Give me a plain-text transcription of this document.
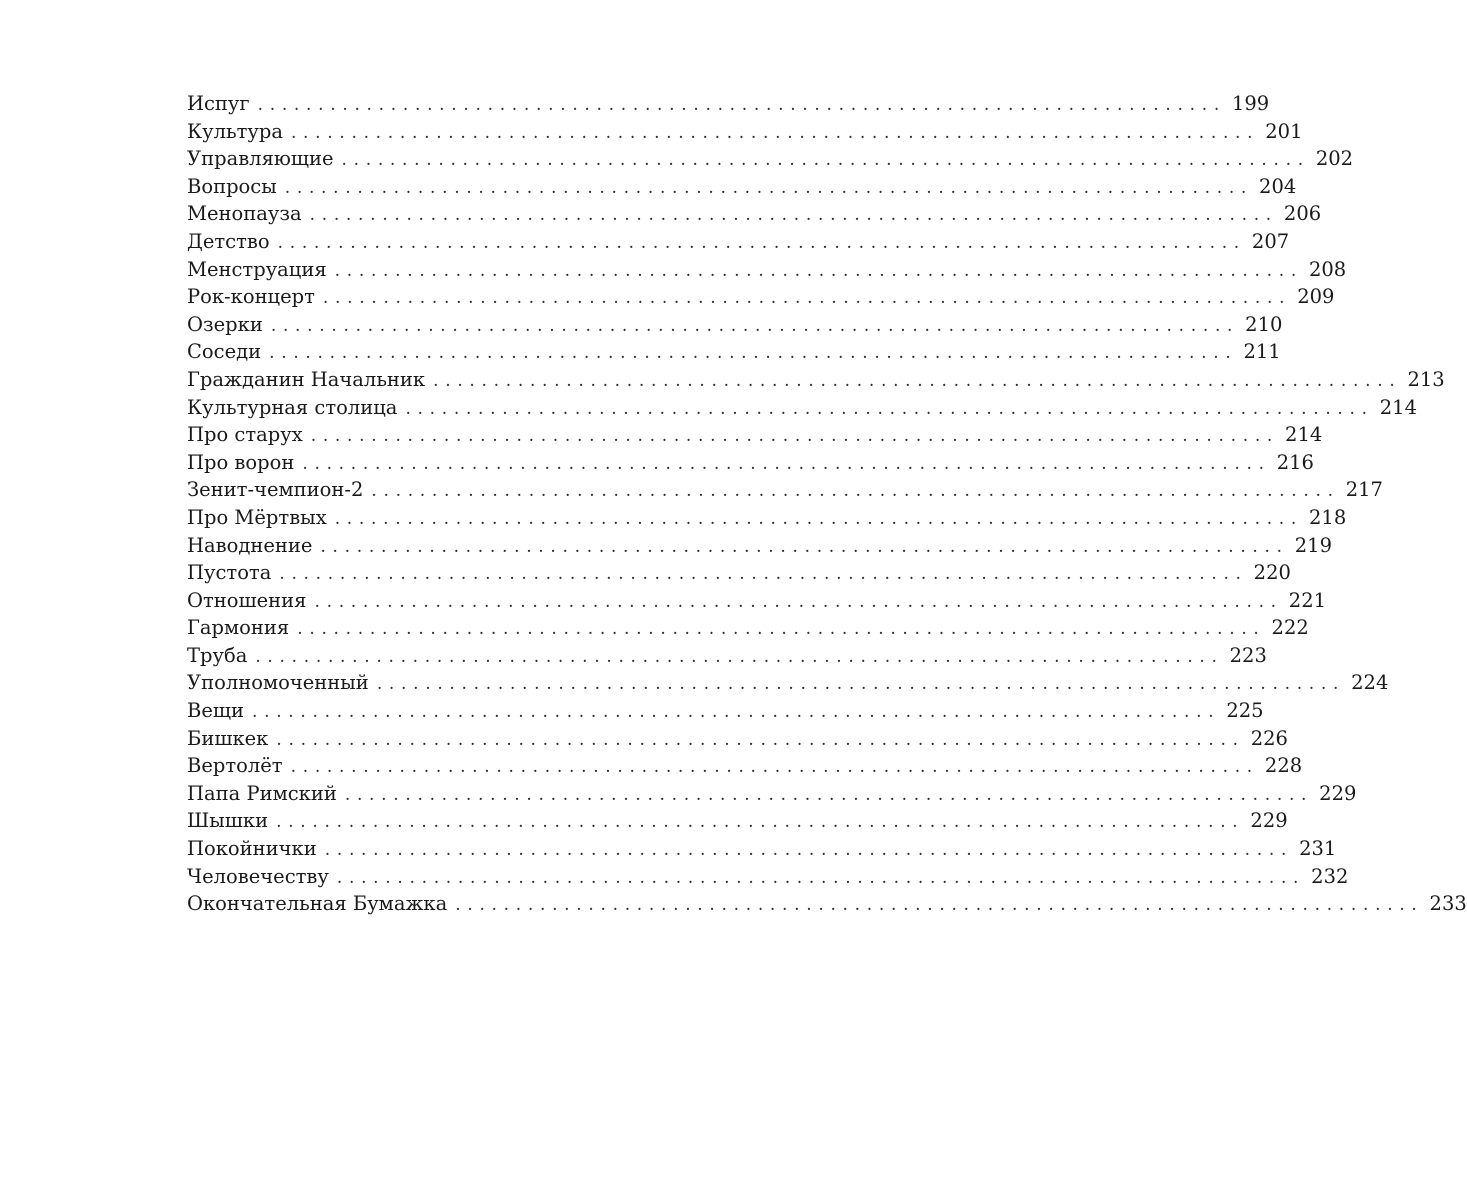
Испуг ................................................................................ 199
Культура ................................................................................ 201
Управляющие ................................................................................ 202
Вопросы ................................................................................ 204
Менопауза ................................................................................ 206
Детство ................................................................................ 207
Менструация ................................................................................ 208
Рок-концерт ................................................................................ 209
Озерки ................................................................................ 210
Соседи ................................................................................ 211
Гражданин Начальник ................................................................................ 213
Культурная столица ................................................................................ 214
Про старух ................................................................................ 214
Про ворон ................................................................................ 216
Зенит-чемпион-2 ................................................................................ 217
Про Мёртвых ................................................................................ 218
Наводнение ................................................................................ 219
Пустота ................................................................................ 220
Отношения ................................................................................ 221
Гармония ................................................................................ 222
Труба ................................................................................ 223
Уполномоченный ................................................................................ 224
Вещи ................................................................................ 225
Бишкек ................................................................................ 226
Вертолёт ................................................................................ 228
Папа Римский ................................................................................ 229
Шышки ................................................................................ 229
Покойнички ................................................................................ 231
Человечеству ................................................................................ 232
Окончательная Бумажка ................................................................................ 233
